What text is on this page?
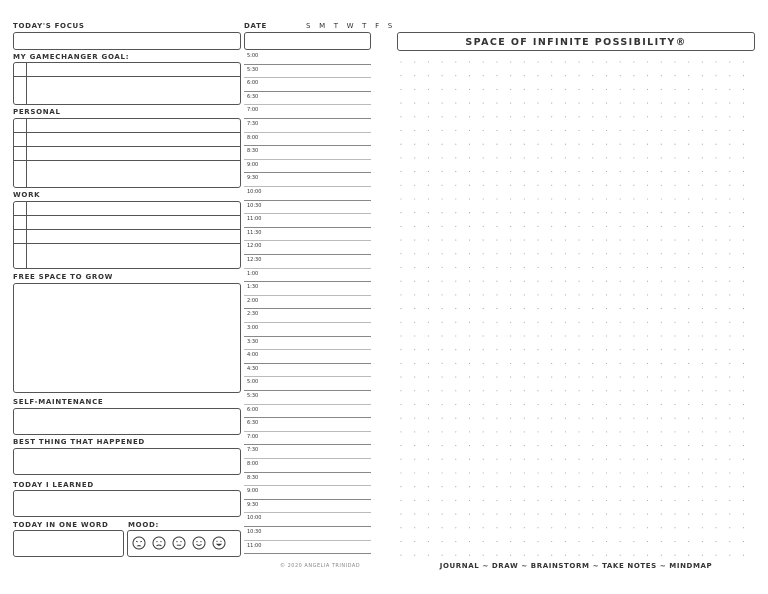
TODAY'S FOCUS
MY GAMECHANGER GOAL:
PERSONAL
WORK
FREE SPACE TO GROW
SELF-MAINTENANCE
BEST THING THAT HAPPENED
TODAY I LEARNED
TODAY IN ONE WORD	MOOD:
DATE	S M T W T F S
5:00
5:30
6:00
6:30
7:00
7:30
8:00
8:30
9:00
9:30
10:00
10:30
11:00
11:30
12:00
12:30
1:00
1:30
2:00
2:30
3:00
3:30
4:00
4:30
5:00
5:30
6:00
6:30
7:00
7:30
8:00
8:30
9:00
9:30
10:00
10:30
11:00
© 2020 ANGELIA TRINIDAD
SPACE OF INFINITE POSSIBILITY®
JOURNAL ~ DRAW ~ BRAINSTORM ~ TAKE NOTES ~ MINDMAP
